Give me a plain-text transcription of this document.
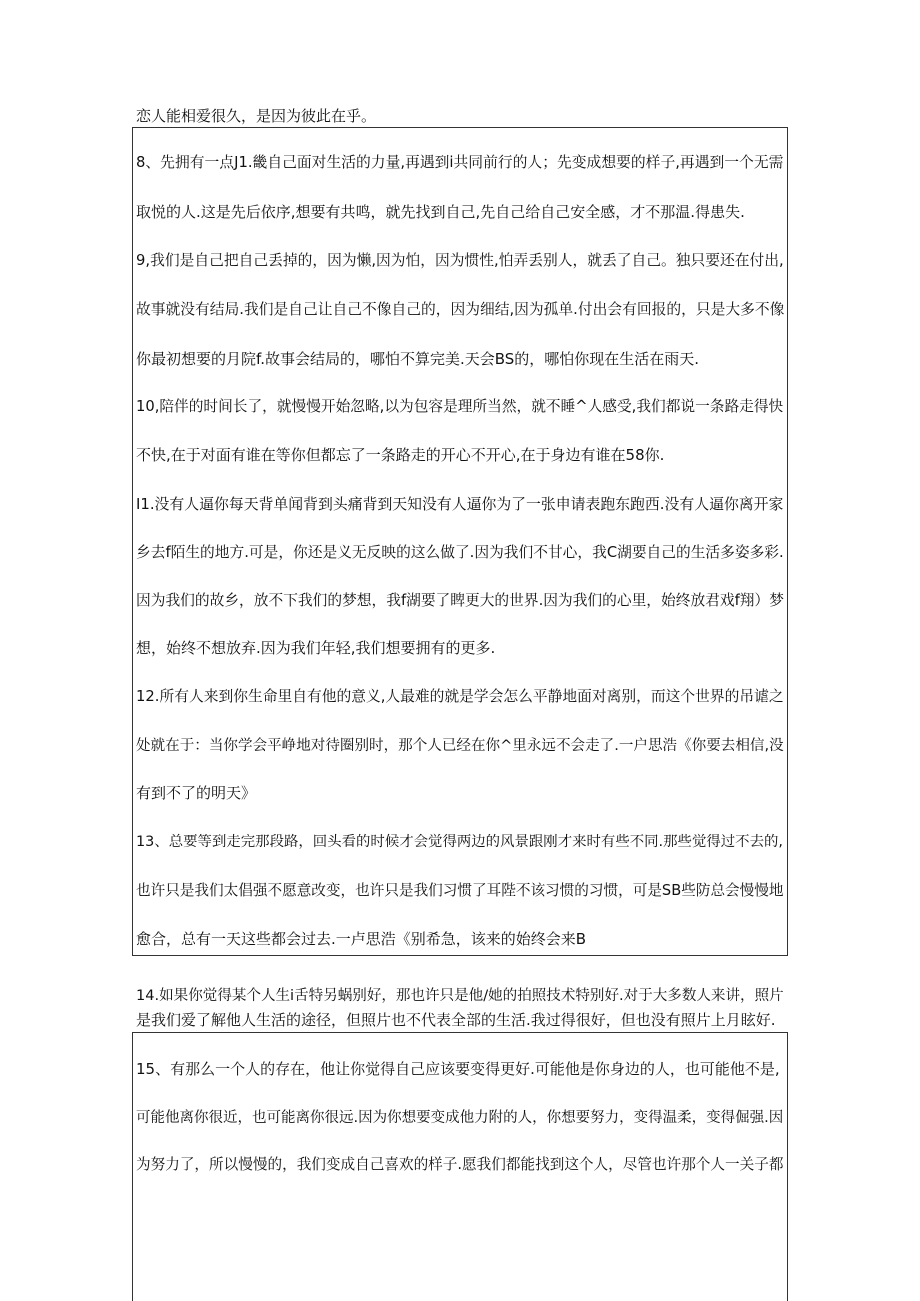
恋人能相爱很久，是因为彼此在乎。
8、先拥有一点J1.畿自己面对生活的力量,再遇到i共同前行的人；先变成想要的样子,再遇到一个无需
取悦的人.这是先后依序,想要有共鸣，就先找到自己,先自己给自己安全感，才不那温.得患失.
9,我们是自己把自己丢掉的，因为懒,因为怕，因为惯性,怕弄丢别人，就丢了自己。独只要还在付出,
故事就没有结局.我们是自己让自己不像自己的，因为细结,因为孤单.付出会有回报的，只是大多不像
你最初想要的月院f.故事会结局的，哪怕不算完美.天会BS的，哪怕你现在生活在雨天.
10,陪伴的时间长了，就慢慢开始忽略,以为包容是理所当然，就不睡^人感受,我们都说一条路走得快
不快,在于对面有谁在等你但都忘了一条路走的开心不开心,在于身边有谁在58你.
I1.没有人逼你每天背单闻背到头痛背到天知没有人逼你为了一张申请表跑东跑西.没有人逼你离开家
乡去f陌生的地方.可是，你还是义无反映的这么做了.因为我们不甘心，我C湖要自己的生活多姿多彩.
因为我们的故乡，放不下我们的梦想，我f湖要了睥更大的世界.因为我们的心里，始终放君戏f翔）梦
想，始终不想放弃.因为我们年轻,我们想要拥有的更多.
12.所有人来到你生命里自有他的意义,人最难的就是学会怎么平静地面对离别，而这个世界的吊谑之
处就在于：当你学会平峥地对待圈别时，那个人已经在你^里永远不会走了.一户思浩《你要去相信,没
有到不了的明天》
13、总要等到走完那段路，回头看的时候才会觉得两边的风景跟刚才来时有些不同.那些觉得过不去的,
也许只是我们太倡强不愿意改变，也许只是我们习惯了耳陛不该习惯的习惯，可是SB些防总会慢慢地
愈合，总有一天这些都会过去.一卢思浩《别希急，该来的始终会来B
14.如果你觉得某个人生i舌特另蜗别好，那也许只是他/她的拍照技术特别好.对于大多数人来讲，照片
是我们爱了解他人生活的途径，但照片也不代表全部的生活.我过得很好，但也没有照片上月眩好.
15、有那么一个人的存在，他让你觉得自己应该要变得更好.可能他是你身边的人，也可能他不是,
可能他离你很近，也可能离你很远.因为你想要变成他力附的人，你想要努力，变得温柔，变得倔强.因
为努力了，所以慢慢的，我们变成自己喜欢的样子.愿我们都能找到这个人，尽管也许那个人一关子都
